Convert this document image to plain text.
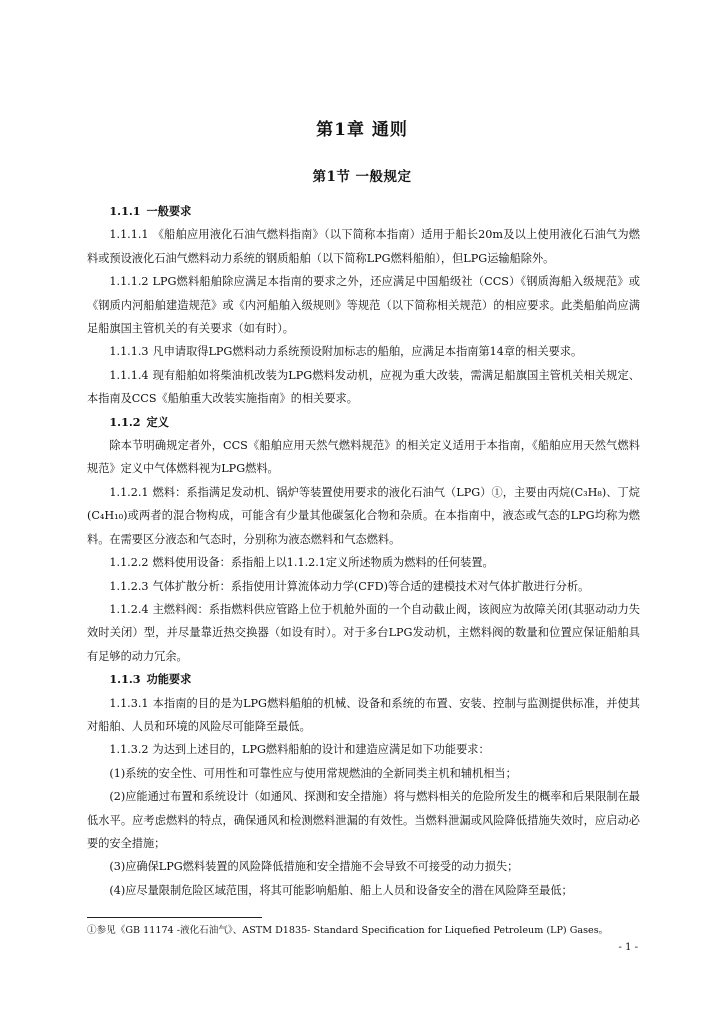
第1章 通则
第1节 一般规定

1.1.1 一般要求

1.1.1.1 《船舶应用液化石油气燃料指南》（以下简称本指南）适用于船长20m及以上使用液化石油气为燃料或预设液化石油气燃料动力系统的钢质船舶（以下简称LPG燃料船舶），但LPG运输船除外。

1.1.1.2 LPG燃料船舶除应满足本指南的要求之外，还应满足中国船级社（CCS）《钢质海船入级规范》或《钢质内河船舶建造规范》或《内河船舶入级规则》等规范（以下简称相关规范）的相应要求。此类船舶尚应满足船旗国主管机关的有关要求（如有时）。

1.1.1.3 凡申请取得LPG燃料动力系统预设附加标志的船舶，应满足本指南第14章的相关要求。

1.1.1.4 现有船舶如将柴油机改装为LPG燃料发动机，应视为重大改装，需满足船旗国主管机关相关规定、本指南及CCS《船舶重大改装实施指南》的相关要求。

1.1.2 定义

除本节明确规定者外，CCS《船舶应用天然气燃料规范》的相关定义适用于本指南，《船舶应用天然气燃料规范》定义中气体燃料视为LPG燃料。

1.1.2.1 燃料：系指满足发动机、锅炉等装置使用要求的液化石油气（LPG）①，主要由丙烷(C₃H₈)、丁烷(C₄H₁₀)或两者的混合物构成，可能含有少量其他碳氢化合物和杂质。在本指南中，液态或气态的LPG均称为燃料。在需要区分液态和气态时，分别称为液态燃料和气态燃料。

1.1.2.2 燃料使用设备：系指船上以1.1.2.1定义所述物质为燃料的任何装置。

1.1.2.3 气体扩散分析：系指使用计算流体动力学(CFD)等合适的建模技术对气体扩散进行分析。

1.1.2.4 主燃料阀：系指燃料供应管路上位于机舱外面的一个自动截止阀，该阀应为故障关闭(其驱动动力失效时关闭）型，并尽量靠近热交换器（如设有时）。对于多台LPG发动机，主燃料阀的数量和位置应保证船舶具有足够的动力冗余。

1.1.3 功能要求

1.1.3.1 本指南的目的是为LPG燃料船舶的机械、设备和系统的布置、安装、控制与监测提供标准，并使其对船舶、人员和环境的风险尽可能降至最低。

1.1.3.2 为达到上述目的，LPG燃料船舶的设计和建造应满足如下功能要求：

(1)系统的安全性、可用性和可靠性应与使用常规燃油的全新同类主机和辅机相当；

(2)应能通过布置和系统设计（如通风、探测和安全措施）将与燃料相关的危险所发生的概率和后果限制在最低水平。应考虑燃料的特点，确保通风和检测燃料泄漏的有效性。当燃料泄漏或风险降低措施失效时，应启动必要的安全措施；

(3)应确保LPG燃料装置的风险降低措施和安全措施不会导致不可接受的动力损失；

(4)应尽量限制危险区域范围，将其可能影响船舶、船上人员和设备安全的潜在风险降至最低；

①参见《GB 11174 -液化石油气》、ASTM D1835- Standard Specification for Liquefied Petroleum (LP) Gases。
- 1 -
